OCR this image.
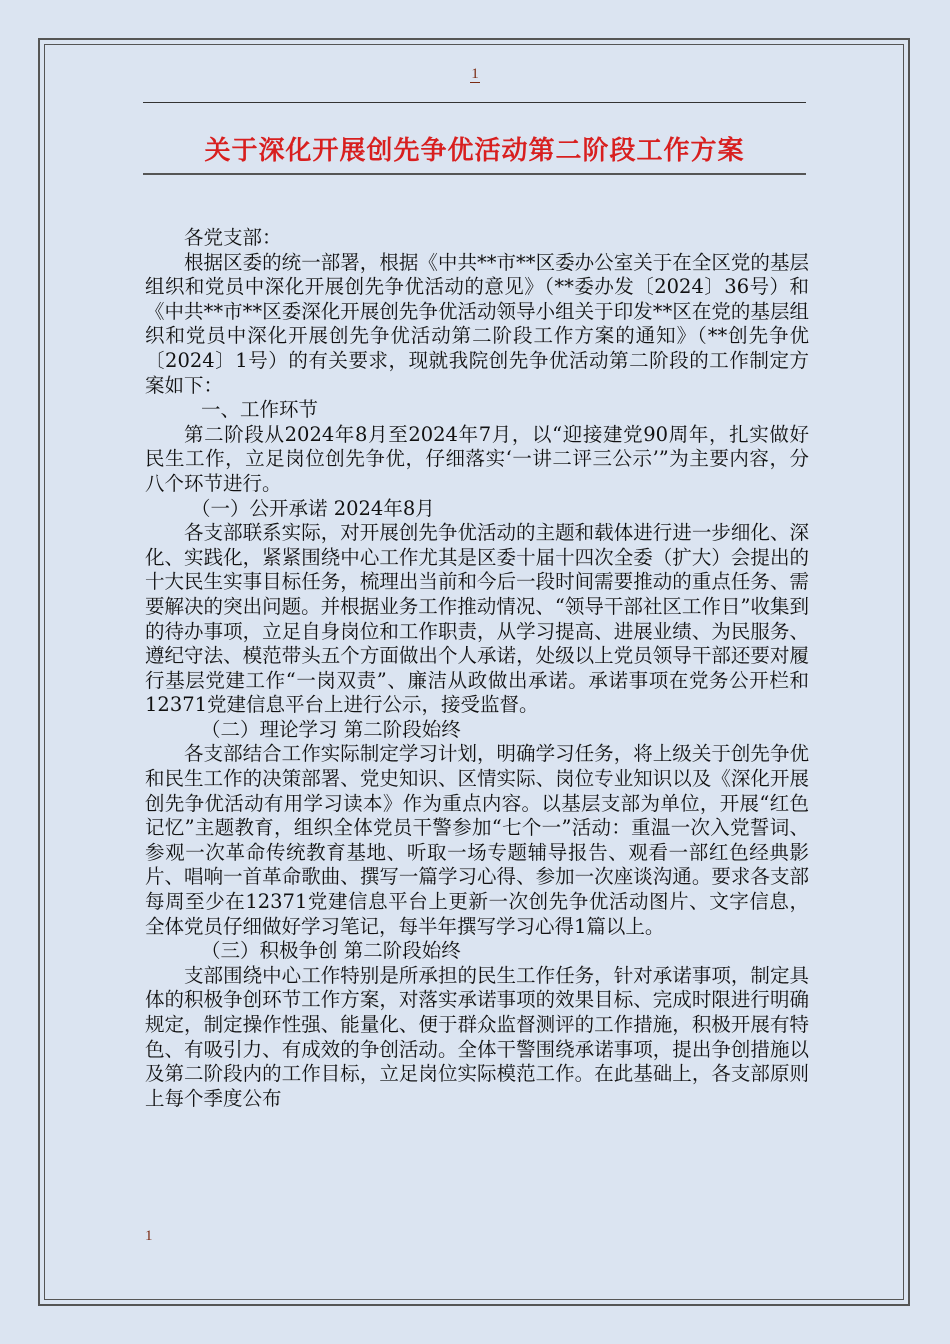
1
关于深化开展创先争优活动第二阶段工作方案

各党支部：

根据区委的统一部署，根据《中共**市**区委办公室关于在全区党的基层组织和党员中深化开展创先争优活动的意见》（**委办发〔2024〕36号）和《中共**市**区委深化开展创先争优活动领导小组关于印发**区在党的基层组织和党员中深化开展创先争优活动第二阶段工作方案的通知》（**创先争优〔2024〕1号）的有关要求，现就我院创先争优活动第二阶段的工作制定方案如下：

一、工作环节

第二阶段从2024年8月至2024年7月，以“迎接建党90周年，扎实做好民生工作，立足岗位创先争优，仔细落实‘一讲二评三公示’”为主要内容，分八个环节进行。

（一）公开承诺 2024年8月

各支部联系实际，对开展创先争优活动的主题和载体进行进一步细化、深化、实践化，紧紧围绕中心工作尤其是区委十届十四次全委（扩大）会提出的十大民生实事目标任务，梳理出当前和今后一段时间需要推动的重点任务、需要解决的突出问题。并根据业务工作推动情况、“领导干部社区工作日”收集到的待办事项，立足自身岗位和工作职责，从学习提高、进展业绩、为民服务、遵纪守法、模范带头五个方面做出个人承诺，处级以上党员领导干部还要对履行基层党建工作“一岗双责”、廉洁从政做出承诺。承诺事项在党务公开栏和12371党建信息平台上进行公示，接受监督。

（二）理论学习 第二阶段始终

各支部结合工作实际制定学习计划，明确学习任务，将上级关于创先争优和民生工作的决策部署、党史知识、区情实际、岗位专业知识以及《深化开展创先争优活动有用学习读本》作为重点内容。以基层支部为单位，开展“红色记忆”主题教育，组织全体党员干警参加“七个一”活动：重温一次入党誓词、参观一次革命传统教育基地、听取一场专题辅导报告、观看一部红色经典影片、唱响一首革命歌曲、撰写一篇学习心得、参加一次座谈沟通。要求各支部每周至少在12371党建信息平台上更新一次创先争优活动图片、文字信息，全体党员仔细做好学习笔记，每半年撰写学习心得1篇以上。

（三）积极争创 第二阶段始终

支部围绕中心工作特别是所承担的民生工作任务，针对承诺事项，制定具体的积极争创环节工作方案，对落实承诺事项的效果目标、完成时限进行明确规定，制定操作性强、能量化、便于群众监督测评的工作措施，积极开展有特色、有吸引力、有成效的争创活动。全体干警围绕承诺事项，提出争创措施以及第二阶段内的工作目标，立足岗位实际模范工作。在此基础上，各支部原则上每个季度公布

1
